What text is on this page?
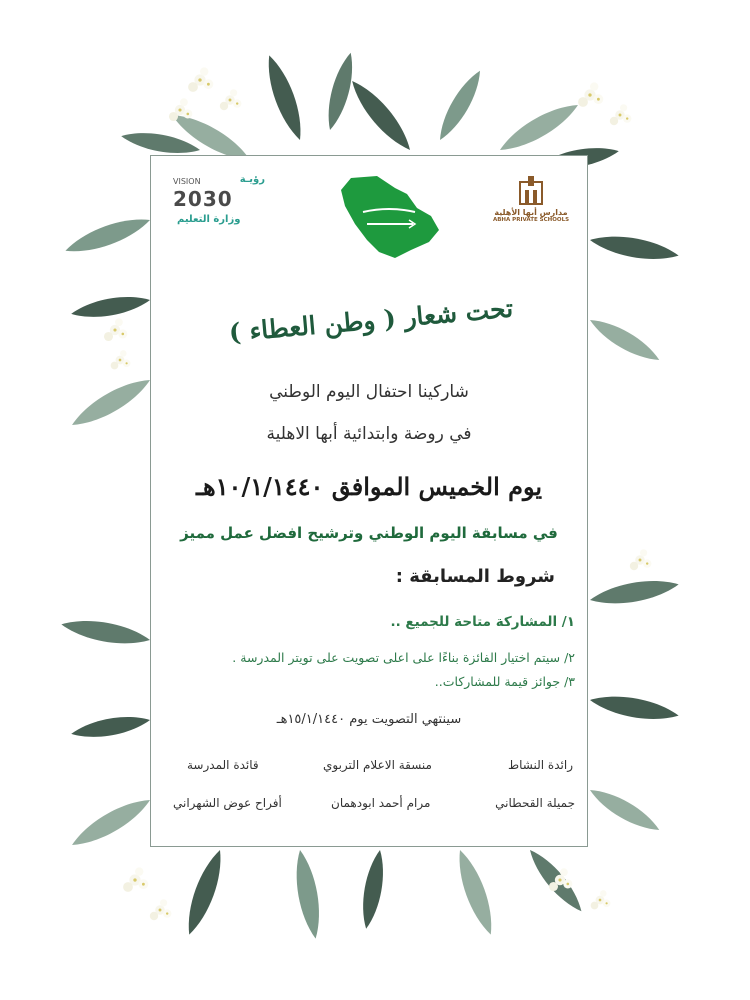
مدارس أبها الأهلية
ABHA PRIVATE SCHOOLS
رؤيـة
VISION
2030
وزارة التعليم
تحت شعار ( وطن العطاء )
شاركينا احتفال اليوم الوطني
في روضة وابتدائية أبها الاهلية
يوم الخميس الموافق ١٠/١/١٤٤٠هـ
في مسابقة اليوم الوطني وترشيح افضل عمل مميز
شروط المسابقة :
١/ المشاركة متاحة للجميع ..
٢/ سيتم اختيار الفائزة بناءًا على اعلى تصويت على تويتر المدرسة .
٣/ جوائز قيمة للمشاركات..
سينتهي التصويت يوم ١٥/١/١٤٤٠هـ
رائدة النشاط
منسقة الاعلام التربوي
قائدة المدرسة
جميلة القحطاني
مرام أحمد ابودهمان
أفراح عوض الشهراني
